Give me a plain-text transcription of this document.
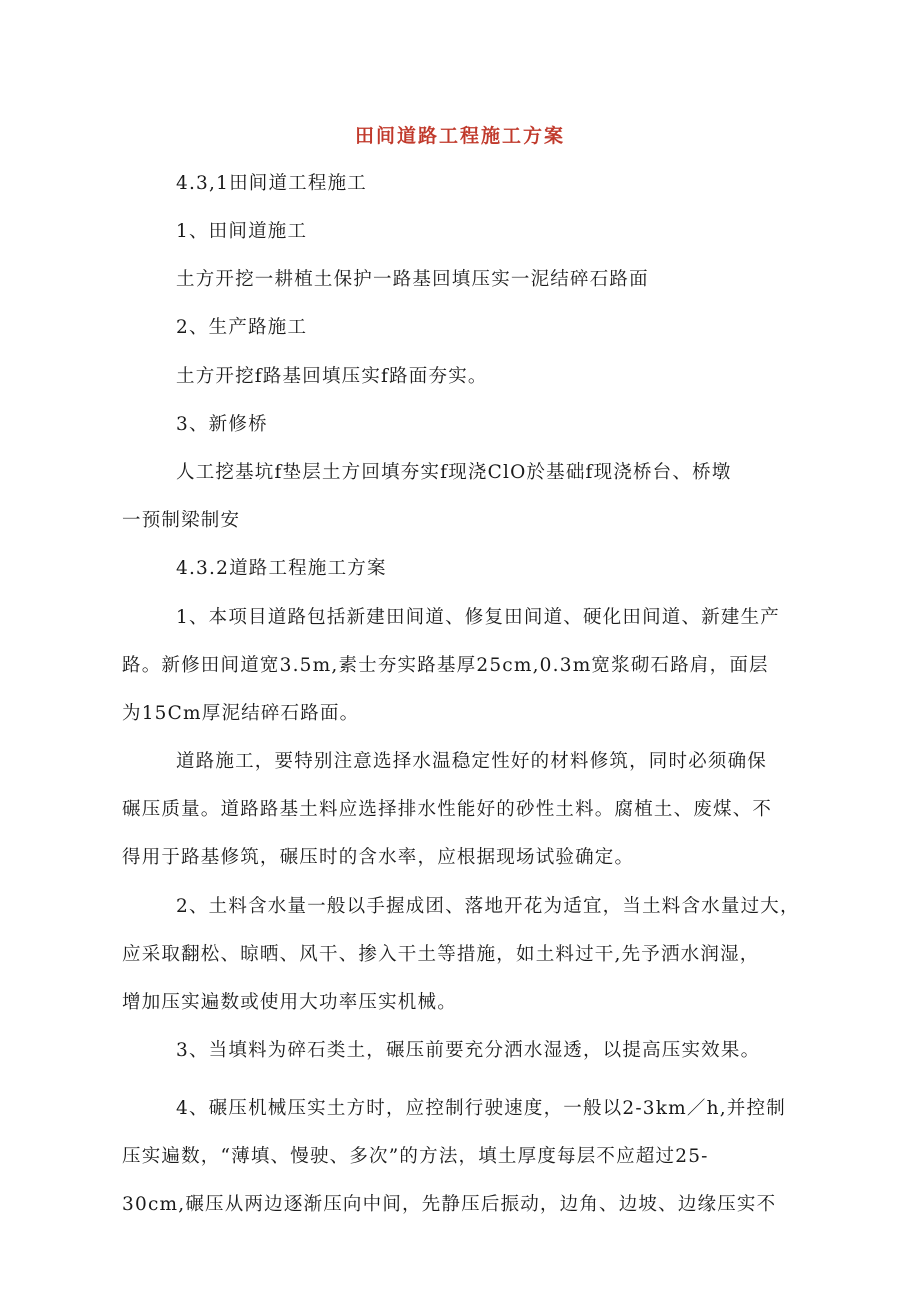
田间道路工程施工方案
4.3,1田间道工程施工
1、田间道施工
土方开挖一耕植土保护一路基回填压实一泥结碎石路面
2、生产路施工
土方开挖f路基回填压实f路面夯实。
3、新修桥
人工挖基坑f垫层土方回填夯实f现浇ClO於基础f现浇桥台、桥墩
一预制梁制安
4.3.2道路工程施工方案
1、本项目道路包括新建田间道、修复田间道、硬化田间道、新建生产
路。新修田间道宽3.5m,素士夯实路基厚25cm,0.3m宽浆砌石路肩，面层
为15Cm厚泥结碎石路面。
道路施工，要特别注意选择水温稳定性好的材料修筑，同时必须确保
碾压质量。道路路基土料应选择排水性能好的砂性土料。腐植土、废煤、不
得用于路基修筑，碾压时的含水率，应根据现场试验确定。
2、土料含水量一般以手握成团、落地开花为适宜，当土料含水量过大，
应采取翻松、晾晒、风干、掺入干土等措施，如土料过干,先予洒水润湿，
增加压实遍数或使用大功率压实机械。
3、当填料为碎石类土，碾压前要充分洒水湿透，以提高压实效果。
4、碾压机械压实土方时，应控制行驶速度，一般以2-3km／h,并控制
压实遍数，“薄填、慢驶、多次”的方法，填土厚度每层不应超过25-
30cm,碾压从两边逐渐压向中间，先静压后振动，边角、边坡、边缘压实不
